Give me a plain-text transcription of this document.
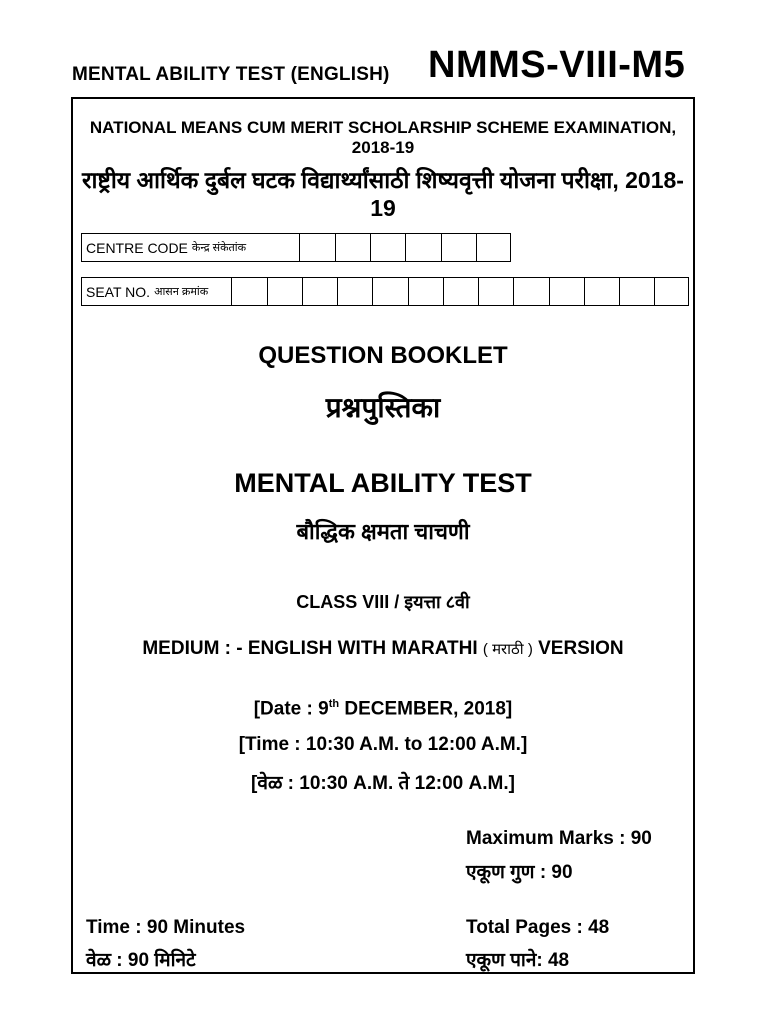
MENTAL ABILITY TEST (ENGLISH) NMMS-VIII-M5
NATIONAL MEANS CUM MERIT SCHOLARSHIP SCHEME EXAMINATION, 2018-19
राष्ट्रीय आर्थिक दुर्बल घटक विद्यार्थ्यांसाठी शिष्यवृत्ती योजना परीक्षा, 2018-19
CENTRE CODE केन्द्र संकेतांक
SEAT NO. आसन क्रमांक
QUESTION BOOKLET
प्रश्नपुस्तिका
MENTAL ABILITY TEST
बौद्धिक क्षमता चाचणी
CLASS VIII / इयत्ता ८वी
MEDIUM : - ENGLISH WITH MARATHI ( मराठी ) VERSION
[Date : 9th DECEMBER, 2018]
[Time : 10:30 A.M. to 12:00 A.M.]
[वेळ : 10:30 A.M. ते 12:00 A.M.]
Maximum Marks : 90
एकूण गुण : 90
Time : 90 Minutes
वेळ : 90 मिनिटे
Total Pages : 48
एकूण पाने: 48
